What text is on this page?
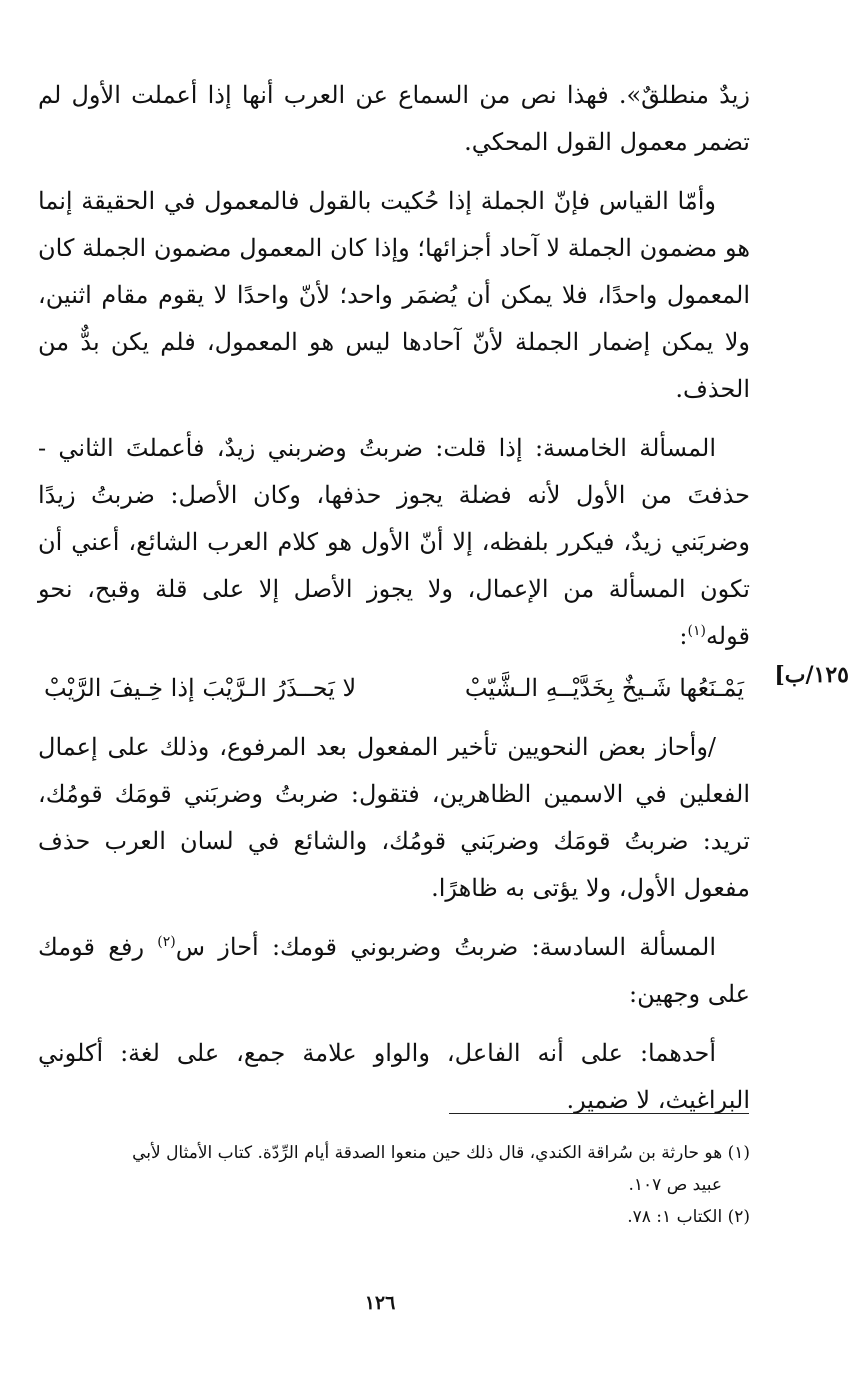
زيدٌ منطلقٌ». فهذا نص من السماع عن العرب أنها إذا أعملت الأول لم تضمر معمول القول المحكي.

وأمّا القياس فإنّ الجملة إذا حُكيت بالقول فالمعمول في الحقيقة إنما هو مضمون الجملة لا آحاد أجزائها؛ وإذا كان المعمول مضمون الجملة كان المعمول واحدًا، فلا يمكن أن يُضمَر واحد؛ لأنّ واحدًا لا يقوم مقام اثنين، ولا يمكن إضمار الجملة لأنّ آحادها ليس هو المعمول، فلم يكن بدٌّ من الحذف.

المسألة الخامسة: إذا قلت: ضربتُ وضربني زيدٌ، فأعملتَ الثاني - حذفتَ من الأول لأنه فضلة يجوز حذفها، وكان الأصل: ضربتُ زيدًا وضربَني زيدٌ، فيكرر بلفظه، إلا أنّ الأول هو كلام العرب الشائع، أعني أن تكون المسألة من الإعمال، ولا يجوز الأصل إلا على قلة وقبح، نحو قوله$^{(١)}$:

يَمْـنَعُها شَـيخٌ بِخَدَّيْــهِ الـشَّيّبْ
لا يَحــذَرُ الـرَّيْبَ إذا خِـيفَ الرَّيْبْ

/وأحاز بعض النحويين تأخير المفعول بعد المرفوع، وذلك على إعمال الفعلين في الاسمين الظاهرين، فتقول: ضربتُ وضربَني قومَك قومُك، تريد: ضربتُ قومَك وضربَني قومُك، والشائع في لسان العرب حذف مفعول الأول، ولا يؤتى به ظاهرًا.

المسألة السادسة: ضربتُ وضربوني قومك: أحاز س$^{(٢)}$ رفع قومك على وجهين:

أحدهما: على أنه الفاعل، والواو علامة جمع، على لغة: أكلوني البراغيث، لا ضمير.

١٢٥/ب]

(١) هو حارثة بن سُراقة الكندي، قال ذلك حين منعوا الصدقة أيام الرِّدّة. كتاب الأمثال لأبي

عبيد ص ١٠٧.

(٢) الكتاب ١: ٧٨.

١٢٦
